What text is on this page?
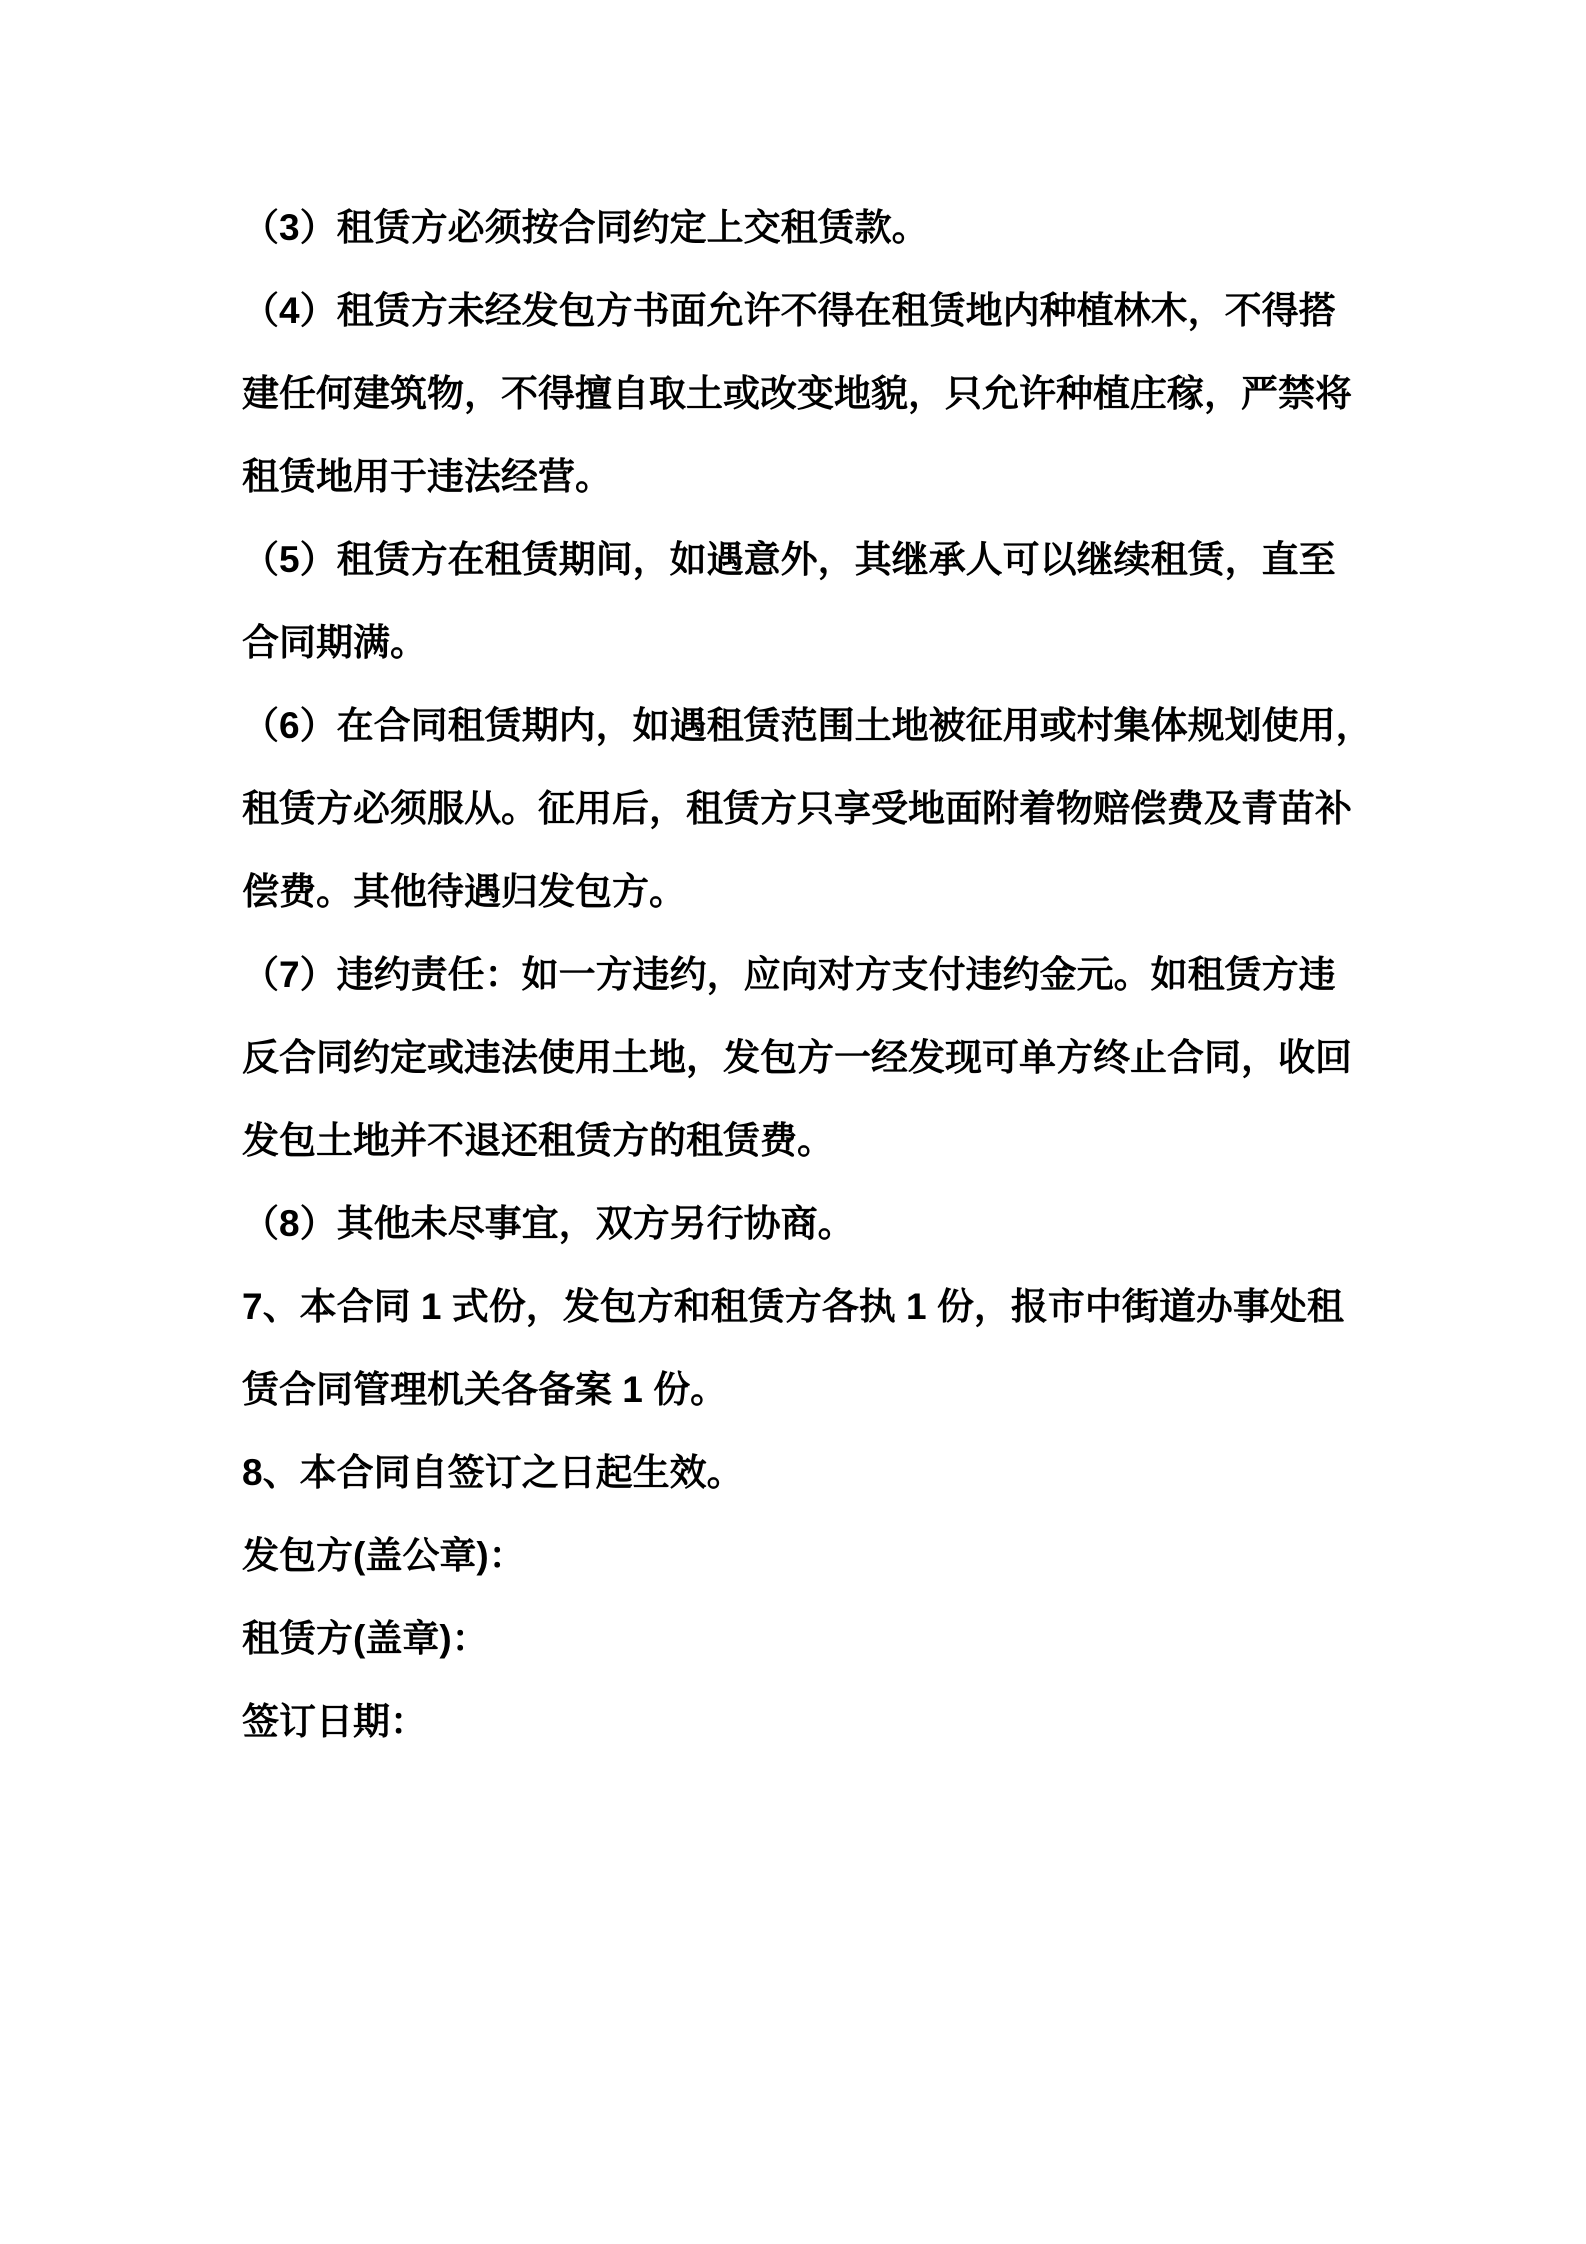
（3）租赁方必须按合同约定上交租赁款。
（4）租赁方未经发包方书面允许不得在租赁地内种植林木，不得搭
建任何建筑物，不得擅自取土或改变地貌，只允许种植庄稼，严禁将
租赁地用于违法经营。
（5）租赁方在租赁期间，如遇意外，其继承人可以继续租赁，直至
合同期满。
（6）在合同租赁期内，如遇租赁范围土地被征用或村集体规划使用，
租赁方必须服从。征用后，租赁方只享受地面附着物赔偿费及青苗补
偿费。其他待遇归发包方。
（7）违约责任：如一方违约，应向对方支付违约金元。如租赁方违
反合同约定或违法使用土地，发包方一经发现可单方终止合同，收回
发包土地并不退还租赁方的租赁费。
（8）其他未尽事宜，双方另行协商。
7、本合同 1 式份，发包方和租赁方各执 1 份，报市中街道办事处租
赁合同管理机关各备案 1 份。
8、本合同自签订之日起生效。
发包方(盖公章)：
租赁方(盖章)：
签订日期：
